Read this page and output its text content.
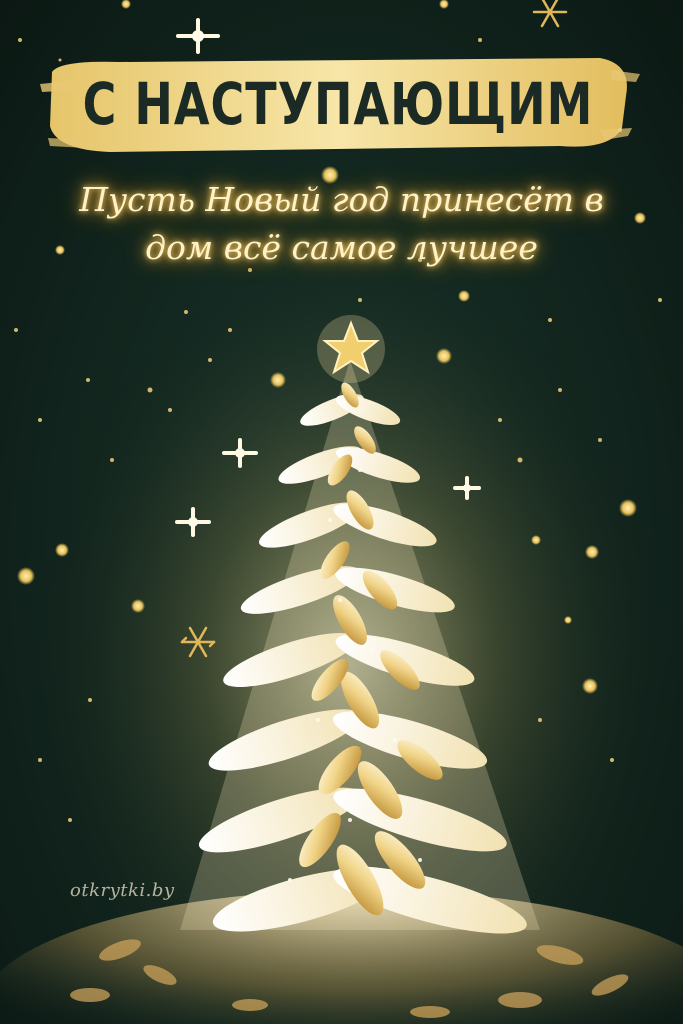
С НАСТУПАЮЩИМ
Пусть Новый год принесёт в дом всё самое лучшее
otkrytki.by
